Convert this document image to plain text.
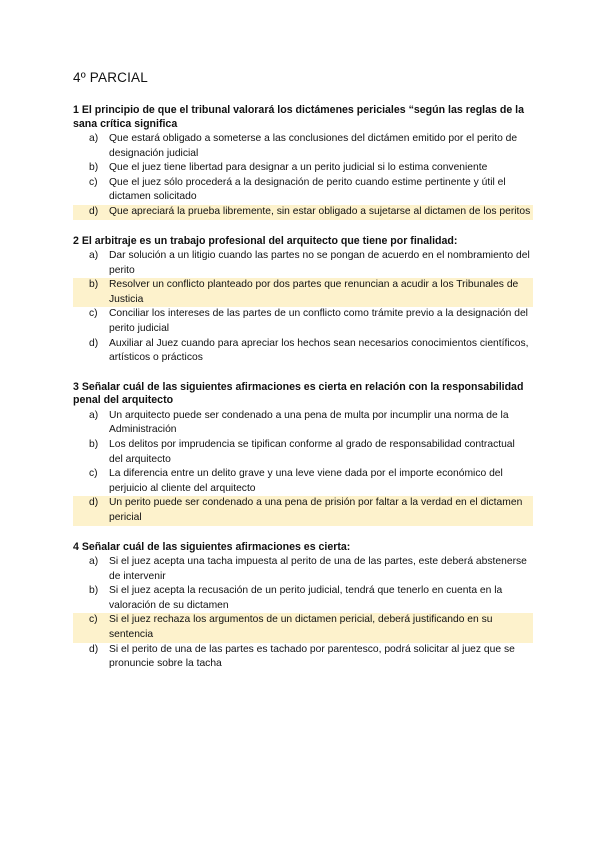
4º PARCIAL

1 El principio de que el tribunal valorará los dictámenes periciales “según las reglas de la sana crítica significa

a)	Que estará obligado a someterse a las conclusiones del dictámen emitido por el perito de designación judicial
b)	Que el juez tiene libertad para designar a un perito judicial si lo estima conveniente
c)	Que el juez sólo procederá a la designación de perito cuando estime pertinente y útil el dictamen solicitado
d)	Que apreciará la prueba libremente, sin estar obligado a sujetarse al dictamen de los peritos

2 El arbitraje es un trabajo profesional del arquitecto que tiene por finalidad:

a)	Dar solución a un litigio cuando las partes no se pongan de acuerdo en el nombramiento del perito
b)	Resolver un conflicto planteado por dos partes que renuncian a acudir a los Tribunales de Justicia
c)	Conciliar los intereses de las partes de un conflicto como trámite previo a la designación del perito judicial
d)	Auxiliar al Juez cuando para apreciar los hechos sean necesarios conocimientos científicos, artísticos o prácticos

3 Señalar cuál de las siguientes afirmaciones es cierta en relación con la responsabilidad penal del arquitecto

a)	Un arquitecto puede ser condenado a una pena de multa por incumplir una norma de la Administración
b)	Los delitos por imprudencia se tipifican conforme al grado de responsabilidad contractual del arquitecto
c)	La diferencia entre un delito grave y una leve viene dada por el importe económico del perjuicio al cliente del arquitecto
d)	Un perito puede ser condenado a una pena de prisión por faltar a la verdad en el dictamen pericial

4 Señalar cuál de las siguientes afirmaciones es cierta:

a)	Si el juez acepta una tacha impuesta al perito de una de las partes, este deberá abstenerse de intervenir
b)	Si el juez acepta la recusación de un perito judicial, tendrá que tenerlo en cuenta en la valoración de su dictamen
c)	Si el juez rechaza los argumentos de un dictamen pericial, deberá justificando en su sentencia
d)	Si el perito de una de las partes es tachado por parentesco, podrá solicitar al juez que se pronuncie sobre la tacha
